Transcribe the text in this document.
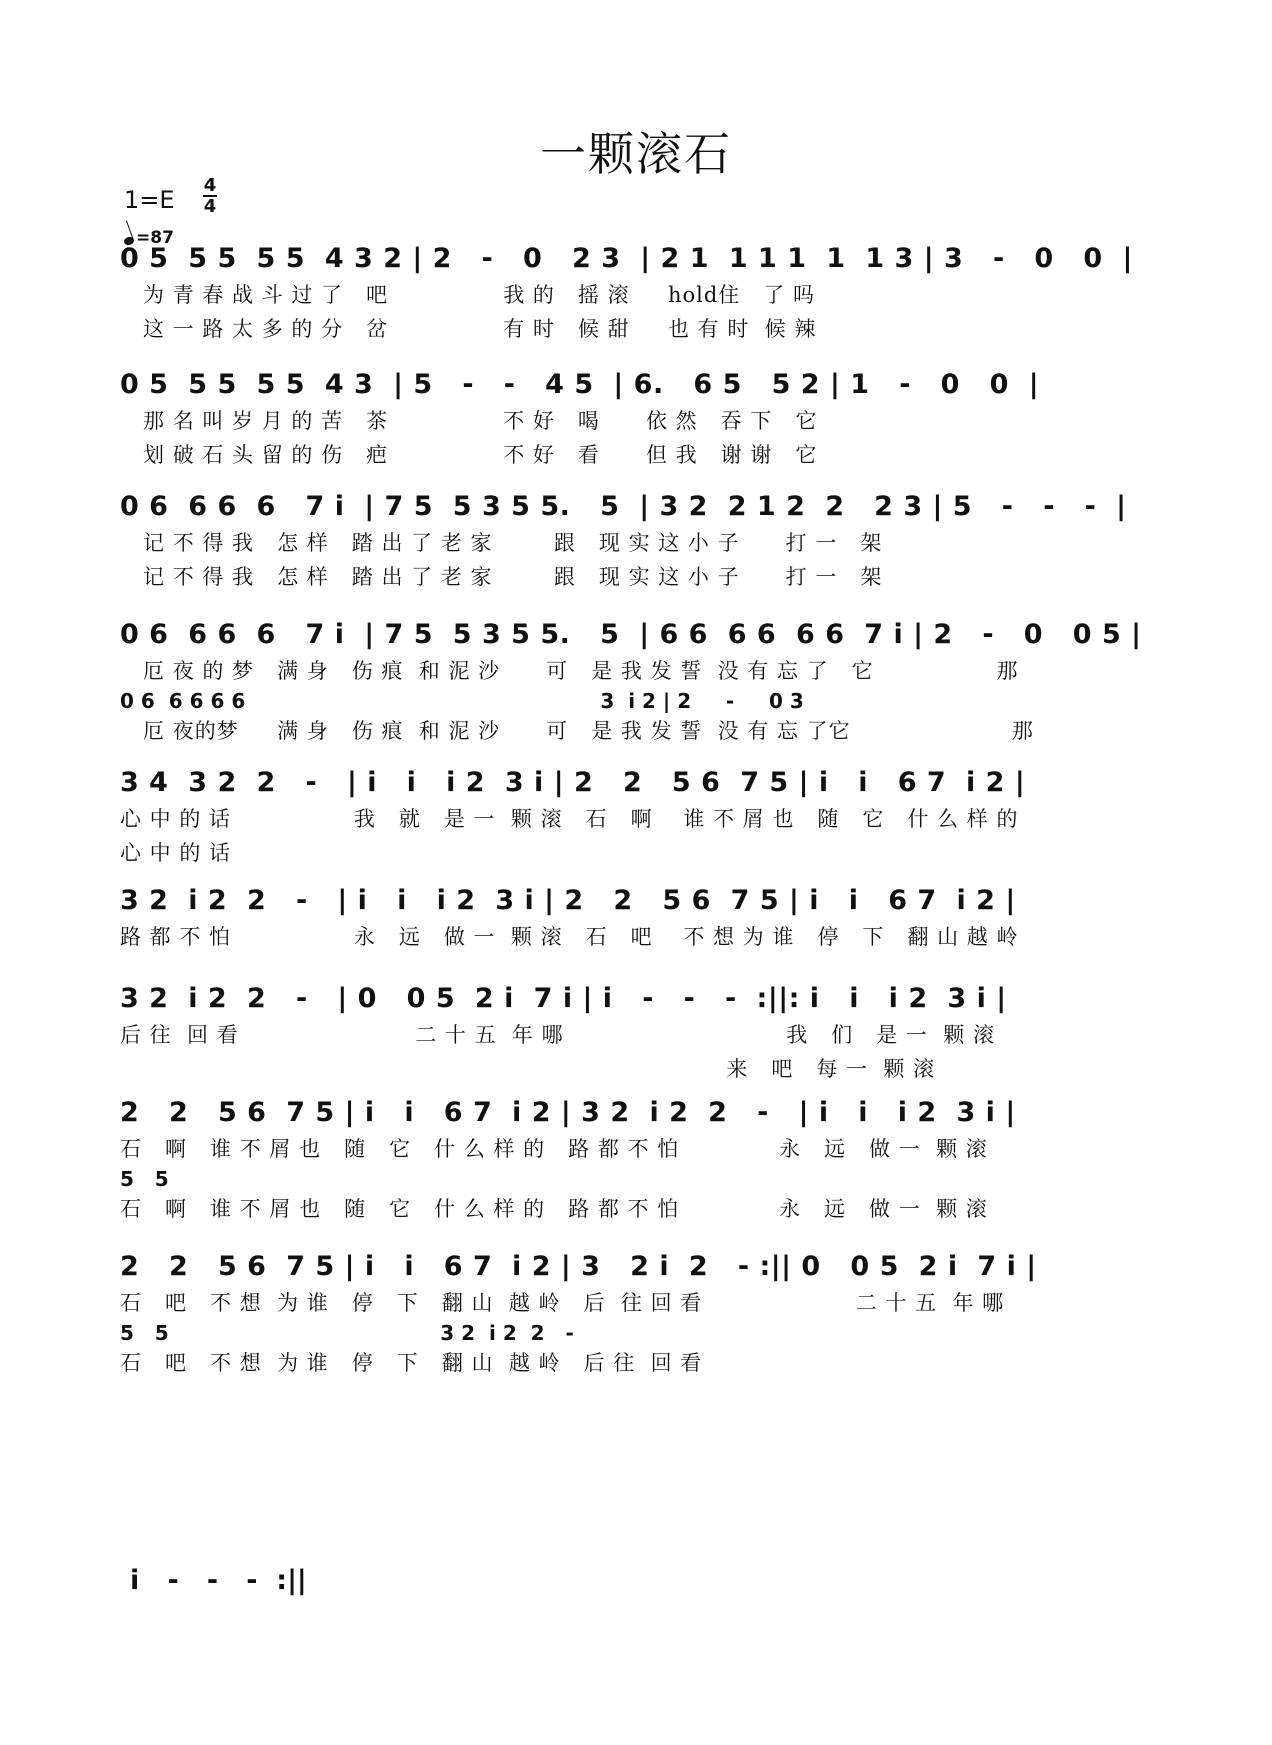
一颗滚石
1=E
4
4
=87
0 5  5 5  5 5  4 3 2 | 2   -   0   2 3  | 2 1  1 1 1  1  1 3 | 3   -   0   0  |
为 青 春 战 斗 过 了   吧               我 的   摇 滚     hold住   了 吗
这 一 路 太 多 的 分   岔               有 时   候 甜     也 有 时  候 辣
0 5  5 5  5 5  4 3  | 5   -   -   4 5  | 6.   6 5   5 2 | 1   -   0   0  |
那 名 叫 岁 月 的 苦   茶               不 好   喝      依 然   吞 下   它
划 破 石 头 留 的 伤   疤               不 好   看      但 我   谢 谢   它
0 6  6 6  6   7 i  | 7 5  5 3 5 5.   5  | 3 2  2 1 2  2   2 3 | 5   -   -   -  |
记 不 得 我   怎 样   踏 出 了 老 家        跟   现 实 这 小 子      打 一   架
记 不 得 我   怎 样   踏 出 了 老 家        跟   现 实 这 小 子      打 一   架
0 6  6 6  6   7 i  | 7 5  5 3 5 5.   5  | 6 6  6 6  6 6  7 i | 2   -   0   0 5 |
厄 夜 的 梦   满 身   伤 痕  和 泥 沙      可   是 我 发 誓  没 有 忘 了   它                那
0 6  6 6 6 6                                                   3  i 2 | 2     -     0 3
厄 夜的梦     满 身   伤 痕  和 泥 沙      可   是 我 发 誓  没 有 忘 了它                     那
3 4  3 2  2   -   | i   i   i 2  3 i | 2   2   5 6  7 5 | i   i   6 7  i 2 |
心 中 的 话                我   就   是 一  颗 滚   石   啊    谁 不 屑 也   随   它   什 么 样 的
心 中 的 话
3 2  i 2  2   -   | i   i   i 2  3 i | 2   2   5 6  7 5 | i   i   6 7  i 2 |
路 都 不 怕                永   远   做 一  颗 滚   石   吧    不 想 为 谁   停   下   翻 山 越 岭
3 2  i 2  2   -   | 0   0 5  2 i  7 i | i   -   -   -  :||: i   i   i 2  3 i |
后 往  回 看                       二 十 五  年 哪                             我   们   是 一  颗 滚
来   吧   每 一  颗 滚
2   2   5 6  7 5 | i   i   6 7  i 2 | 3 2  i 2  2   -   | i   i   i 2  3 i |
石   啊   谁 不 屑 也   随   它   什 么 样 的   路 都 不 怕             永   远   做 一  颗 滚
5   5
石   啊   谁 不 屑 也   随   它   什 么 样 的   路 都 不 怕             永   远   做 一  颗 滚
2   2   5 6  7 5 | i   i   6 7  i 2 | 3   2 i  2   - :|| 0   0 5  2 i  7 i |
石   吧   不 想  为 谁   停   下   翻 山  越 岭   后  往 回 看                    二 十 五  年 哪
5   5                                       3 2  i 2  2   -
石   吧   不 想  为 谁   停   下   翻 山  越 岭   后 往  回 看
i   -   -   -  :||
